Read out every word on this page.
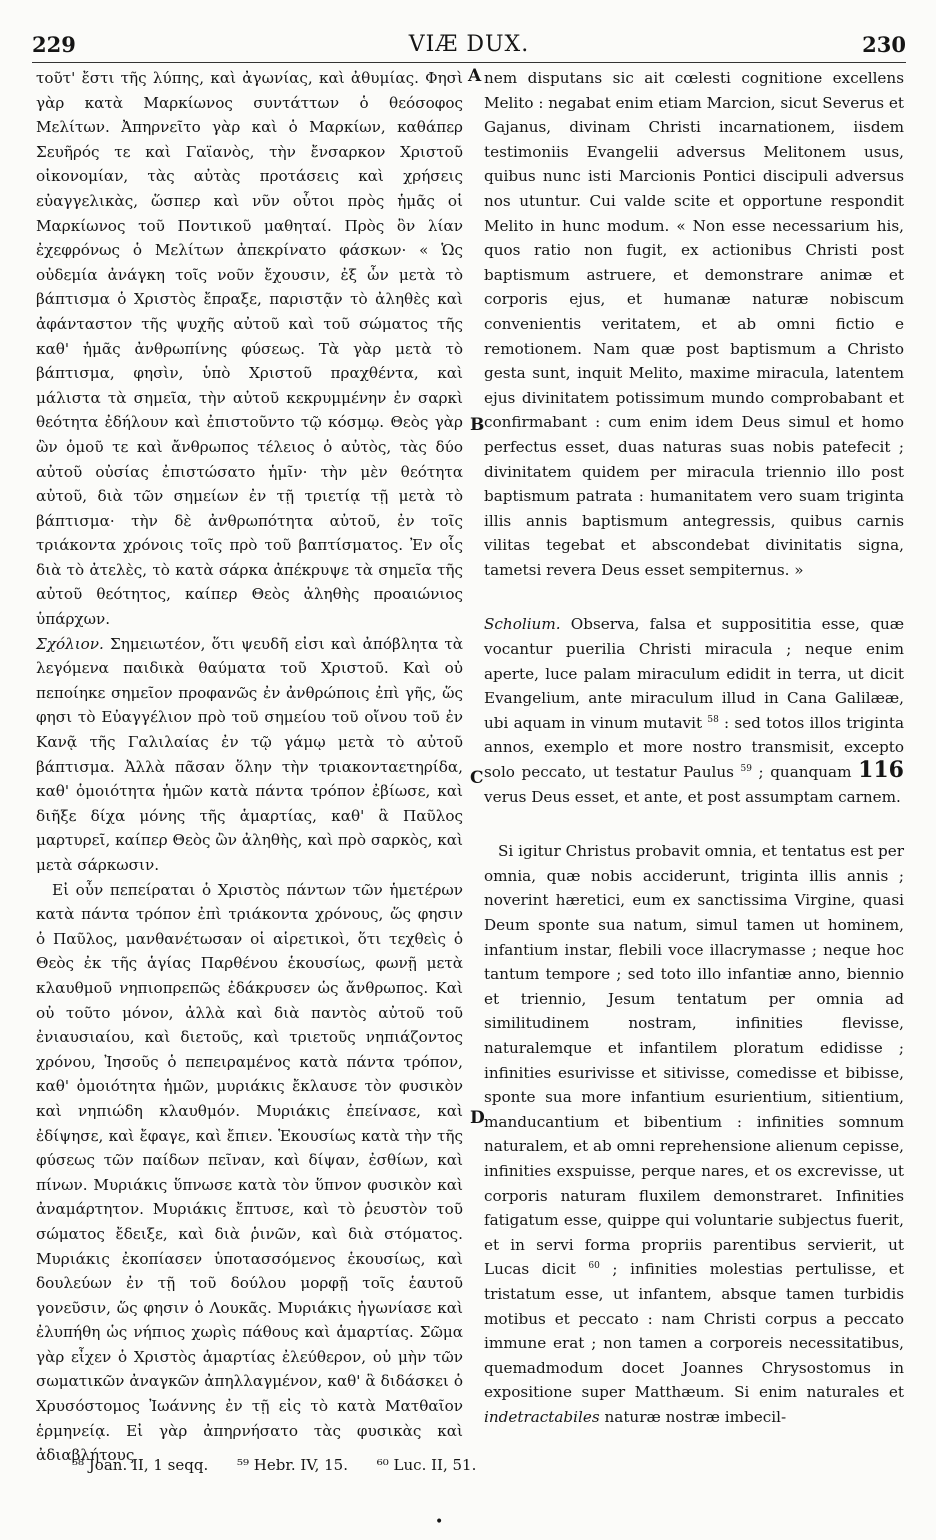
229	VIÆ DUX.	230

τοῦτ' ἔστι τῆς λύπης, καὶ ἀγωνίας, καὶ ἀθυμίας. Φησὶ γὰρ κατὰ Μαρκίωνος συντάττων ὁ θεόσοφος Μελίτων. Ἀπηρνεῖτο γὰρ καὶ ὁ Μαρκίων, καθάπερ Σευῆρός τε καὶ Γαϊανὸς, τὴν ἔνσαρκον Χριστοῦ οἰκονομίαν, τὰς αὐτὰς προτάσεις καὶ χρήσεις εὐαγγελικὰς, ὥσπερ καὶ νῦν οὗτοι πρὸς ἡμᾶς οἱ Μαρκίωνος τοῦ Ποντικοῦ μαθηταί. Πρὸς ὃν λίαν ἐχεφρόνως ὁ Μελίτων ἀπεκρίνατο φάσκων· « Ὡς οὐδεμία ἀνάγκη τοῖς νοῦν ἔχουσιν, ἐξ ὧν μετὰ τὸ βάπτισμα ὁ Χριστὸς ἔπραξε, παριστᾷν τὸ ἀληθὲς καὶ ἀφάνταστον τῆς ψυχῆς αὐτοῦ καὶ τοῦ σώματος τῆς καθ' ἡμᾶς ἀνθρωπίνης φύσεως. Τὰ γὰρ μετὰ τὸ βάπτισμα, φησὶν, ὑπὸ Χριστοῦ πραχθέντα, καὶ μάλιστα τὰ σημεῖα, τὴν αὐτοῦ κεκρυμμένην ἐν σαρκὶ θεότητα ἐδήλουν καὶ ἐπιστοῦντο τῷ κόσμῳ. Θεὸς γὰρ ὢν ὁμοῦ τε καὶ ἄνθρωπος τέλειος ὁ αὐτὸς, τὰς δύο αὐτοῦ οὐσίας ἐπιστώσατο ἡμῖν· τὴν μὲν θεότητα αὐτοῦ, διὰ τῶν σημείων ἐν τῇ τριετίᾳ τῇ μετὰ τὸ βάπτισμα· τὴν δὲ ἀνθρωπότητα αὐτοῦ, ἐν τοῖς τριάκοντα χρόνοις τοῖς πρὸ τοῦ βαπτίσματος. Ἐν οἷς διὰ τὸ ἀτελὲς, τὸ κατὰ σάρκα ἀπέκρυψε τὰ σημεῖα τῆς αὐτοῦ θεότητος, καίπερ Θεὸς ἀληθὴς προαιώνιος ὑπάρχων.

Σχόλιον. Σημειωτέον, ὅτι ψευδῆ εἰσι καὶ ἀπόβλητα τὰ λεγόμενα παιδικὰ θαύματα τοῦ Χριστοῦ. Καὶ οὐ πεποίηκε σημεῖον προφανῶς ἐν ἀνθρώποις ἐπὶ γῆς, ὥς φησι τὸ Εὐαγγέλιον πρὸ τοῦ σημείου τοῦ οἴνου τοῦ ἐν Κανᾷ τῆς Γαλιλαίας ἐν τῷ γάμῳ μετὰ τὸ αὐτοῦ βάπτισμα. Ἀλλὰ πᾶσαν ὅλην τὴν τριακονταετηρίδα, καθ' ὁμοιότητα ἡμῶν κατὰ πάντα τρόπον ἐβίωσε, καὶ διῆξε δίχα μόνης τῆς ἁμαρτίας, καθ' ἃ Παῦλος μαρτυρεῖ, καίπερ Θεὸς ὢν ἀληθὴς, καὶ πρὸ σαρκὸς, καὶ μετὰ σάρκωσιν.

Εἰ οὖν πεπείραται ὁ Χριστὸς πάντων τῶν ἡμετέρων κατὰ πάντα τρόπον ἐπὶ τριάκοντα χρόνους, ὥς φησιν ὁ Παῦλος, μανθανέτωσαν οἱ αἱρετικοὶ, ὅτι τεχθεὶς ὁ Θεὸς ἐκ τῆς ἁγίας Παρθένου ἑκουσίως, φωνῇ μετὰ κλαυθμοῦ νηπιοπρεπῶς ἐδάκρυσεν ὡς ἄνθρωπος. Καὶ οὐ τοῦτο μόνον, ἀλλὰ καὶ διὰ παντὸς αὐτοῦ τοῦ ἐνιαυσιαίου, καὶ διετοῦς, καὶ τριετοῦς νηπιάζοντος χρόνου, Ἰησοῦς ὁ πεπειραμένος κατὰ πάντα τρόπον, καθ' ὁμοιότητα ἡμῶν, μυριάκις ἔκλαυσε τὸν φυσικὸν καὶ νηπιώδη κλαυθμόν. Μυριάκις ἐπείνασε, καὶ ἐδίψησε, καὶ ἔφαγε, καὶ ἔπιεν. Ἑκουσίως κατὰ τὴν τῆς φύσεως τῶν παίδων πεῖναν, καὶ δίψαν, ἐσθίων, καὶ πίνων. Μυριάκις ὕπνωσε κατὰ τὸν ὕπνον φυσικὸν καὶ ἀναμάρτητον. Μυριάκις ἔπτυσε, καὶ τὸ ῥευστὸν τοῦ σώματος ἔδειξε, καὶ διὰ ῥινῶν, καὶ διὰ στόματος. Μυριάκις ἐκοπίασεν ὑποτασσόμενος ἑκουσίως, καὶ δουλεύων ἐν τῇ τοῦ δούλου μορφῇ τοῖς ἑαυτοῦ γονεῦσιν, ὥς φησιν ὁ Λουκᾶς. Μυριάκις ἠγωνίασε καὶ ἐλυπήθη ὡς νήπιος χωρὶς πάθους καὶ ἁμαρτίας. Σῶμα γὰρ εἶχεν ὁ Χριστὸς ἁμαρτίας ἐλεύθερον, οὐ μὴν τῶν σωματικῶν ἀναγκῶν ἀπηλλαγμένον, καθ' ἃ διδάσκει ὁ Χρυσόστομος Ἰωάννης ἐν τῇ εἰς τὸ κατὰ Ματθαῖον ἑρμηνείᾳ. Εἰ γὰρ ἀπηρνήσατο τὰς φυσικὰς καὶ ἀδιαβλήτους

A
B
C
D

nem disputans sic ait cœlesti cognitione excellens Melito : negabat enim etiam Marcion, sicut Severus et Gajanus, divinam Christi incarnationem, iisdem testimoniis Evangelii adversus Melitonem usus, quibus nunc isti Marcionis Pontici discipuli adversus nos utuntur. Cui valde scite et opportune respondit Melito in hunc modum. « Non esse necessarium his, quos ratio non fugit, ex actionibus Christi post baptismum astruere, et demonstrare animæ et corporis ejus, et humanæ naturæ nobiscum convenientis veritatem, et ab omni fictio e remotionem. Nam quæ post baptismum a Christo gesta sunt, inquit Melito, maxime miracula, latentem ejus divinitatem potissimum mundo comprobabant et confirmabant : cum enim idem Deus simul et homo perfectus esset, duas naturas suas nobis patefecit ; divinitatem quidem per miracula triennio illo post baptismum patrata : humanitatem vero suam triginta illis annis baptismum antegressis, quibus carnis vilitas tegebat et abscondebat divinitatis signa, tametsi revera Deus esset sempiternus. »

Scholium. Observa, falsa et supposititia esse, quæ vocantur puerilia Christi miracula ; neque enim aperte, luce palam miraculum edidit in terra, ut dicit Evangelium, ante miraculum illud in Cana Galilææ, ubi aquam in vinum mutavit $^{58}$ : sed totos illos triginta annos, exemplo et more nostro transmisit, excepto solo peccato, ut testatur Paulus $^{59}$ ; quanquam 116 verus Deus esset, et ante, et post assumptam carnem.

Si igitur Christus probavit omnia, et tentatus est per omnia, quæ nobis acciderunt, triginta illis annis ; noverint hæretici, eum ex sanctissima Virgine, quasi Deum sponte sua natum, simul tamen ut hominem, infantium instar, flebili voce illacrymasse ; neque hoc tantum tempore ; sed toto illo infantiæ anno, biennio et triennio, Jesum tentatum per omnia ad similitudinem nostram, infinities flevisse, naturalemque et infantilem ploratum edidisse ; infinities esurivisse et sitivisse, comedisse et bibisse, sponte sua more infantium esurientium, sitientium, manducantium et bibentium : infinities somnum naturalem, et ab omni reprehensione alienum cepisse, infinities exspuisse, perque nares, et os excrevisse, ut corporis naturam fluxilem demonstraret. Infinities fatigatum esse, quippe qui voluntarie subjectus fuerit, et in servi forma propriis parentibus servierit, ut Lucas dicit $^{60}$ ; infinities molestias pertulisse, et tristatum esse, ut infantem, absque tamen turbidis motibus et peccato : nam Christi corpus a peccato immune erat ; non tamen a corporeis necessitatibus, quemadmodum docet Joannes Chrysostomus in expositione super Matthæum. Si enim naturales et indetractabiles naturæ nostræ imbecil-

⁵⁸ Joan. II, 1 seqq. ⁵⁹ Hebr. IV, 15. ⁶⁰ Luc. II, 51.
•
